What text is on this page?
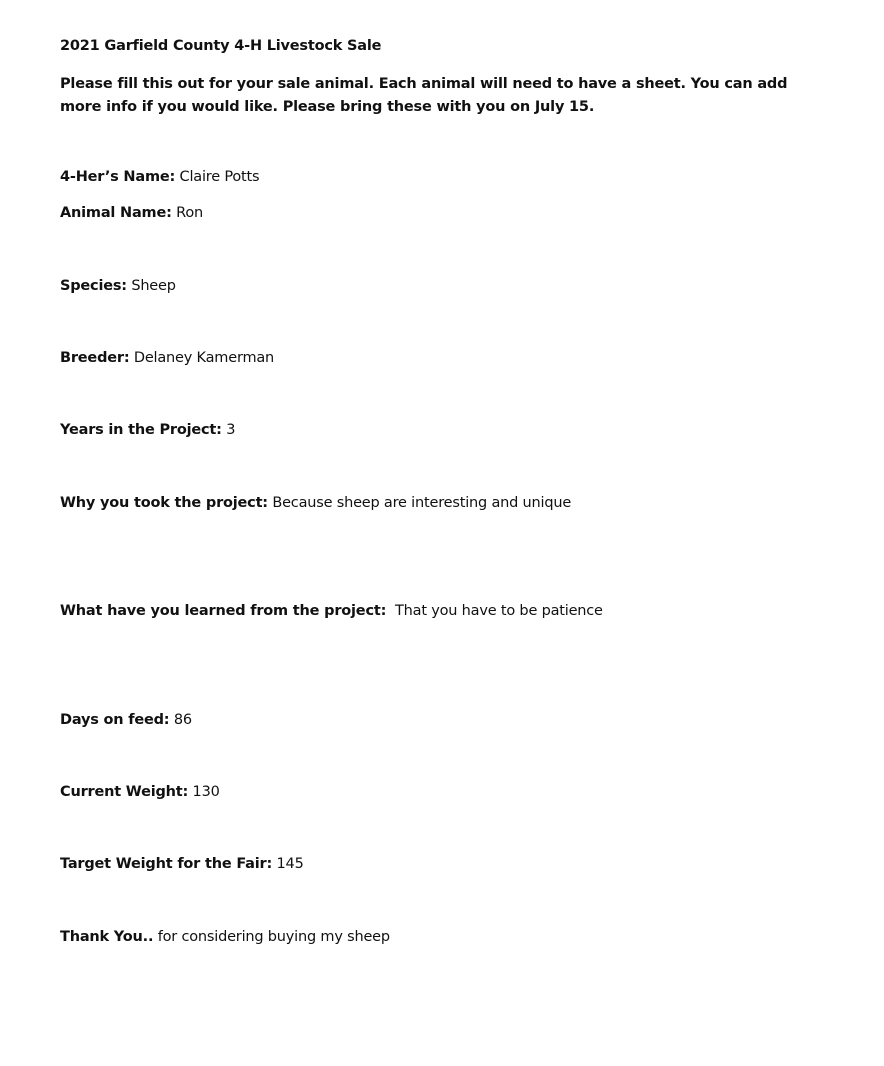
2021 Garfield County 4-H Livestock Sale
Please fill this out for your sale animal. Each animal will need to have a sheet. You can add more info if you would like. Please bring these with you on July 15.
4-Her’s Name: Claire Potts
Animal Name: Ron
Species: Sheep
Breeder: Delaney Kamerman
Years in the Project: 3
Why you took the project: Because sheep are interesting and unique
What have you learned from the project:  That you have to be patience
Days on feed: 86
Current Weight: 130
Target Weight for the Fair: 145
Thank You.. for considering buying my sheep
